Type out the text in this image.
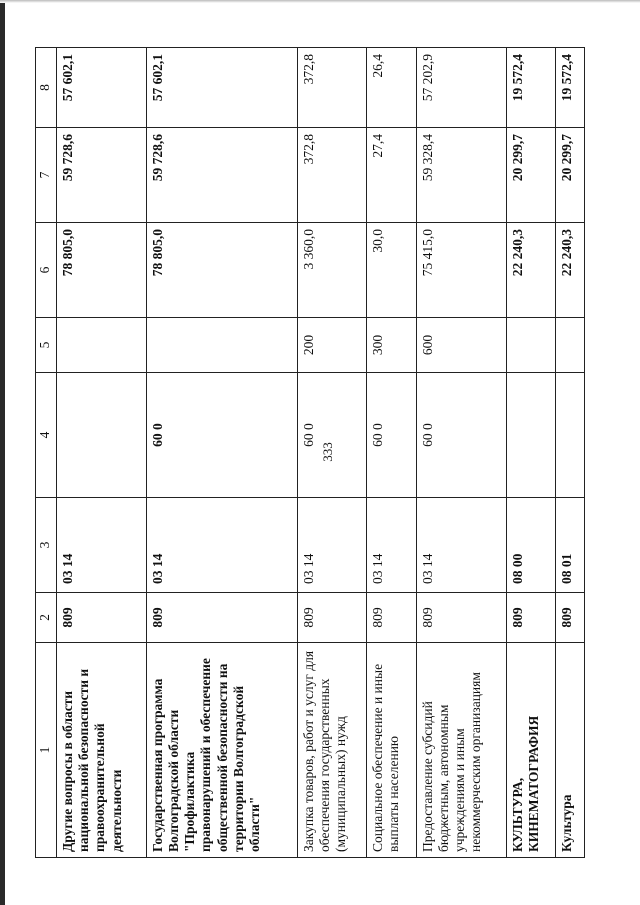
333
1	2	3	4	5	6	7	8
Другие вопросы в области национальной безопасности и правоохранительной деятельности	809	03 14			78 805,0	59 728,6	57 602,1
Государственная программа Волгоградской области "Профилактика правонарушений и обеспечение общественной безопасности на территории Волгоградской области"	809	03 14	60 0		78 805,0	59 728,6	57 602,1
Закупка товаров, работ и услуг для обеспечения государственных (муниципальных) нужд	809	03 14	60 0	200	3 360,0	372,8	372,8
Социальное обеспечение и иные выплаты населению	809	03 14	60 0	300	30,0	27,4	26,4
Предоставление субсидий бюджетным, автономным учреждениям и иным некоммерческим организациям	809	03 14	60 0	600	75 415,0	59 328,4	57 202,9
КУЛЬТУРА, КИНЕМАТОГРАФИЯ	809	08 00			22 240,3	20 299,7	19 572,4
Культура	809	08 01			22 240,3	20 299,7	19 572,4
